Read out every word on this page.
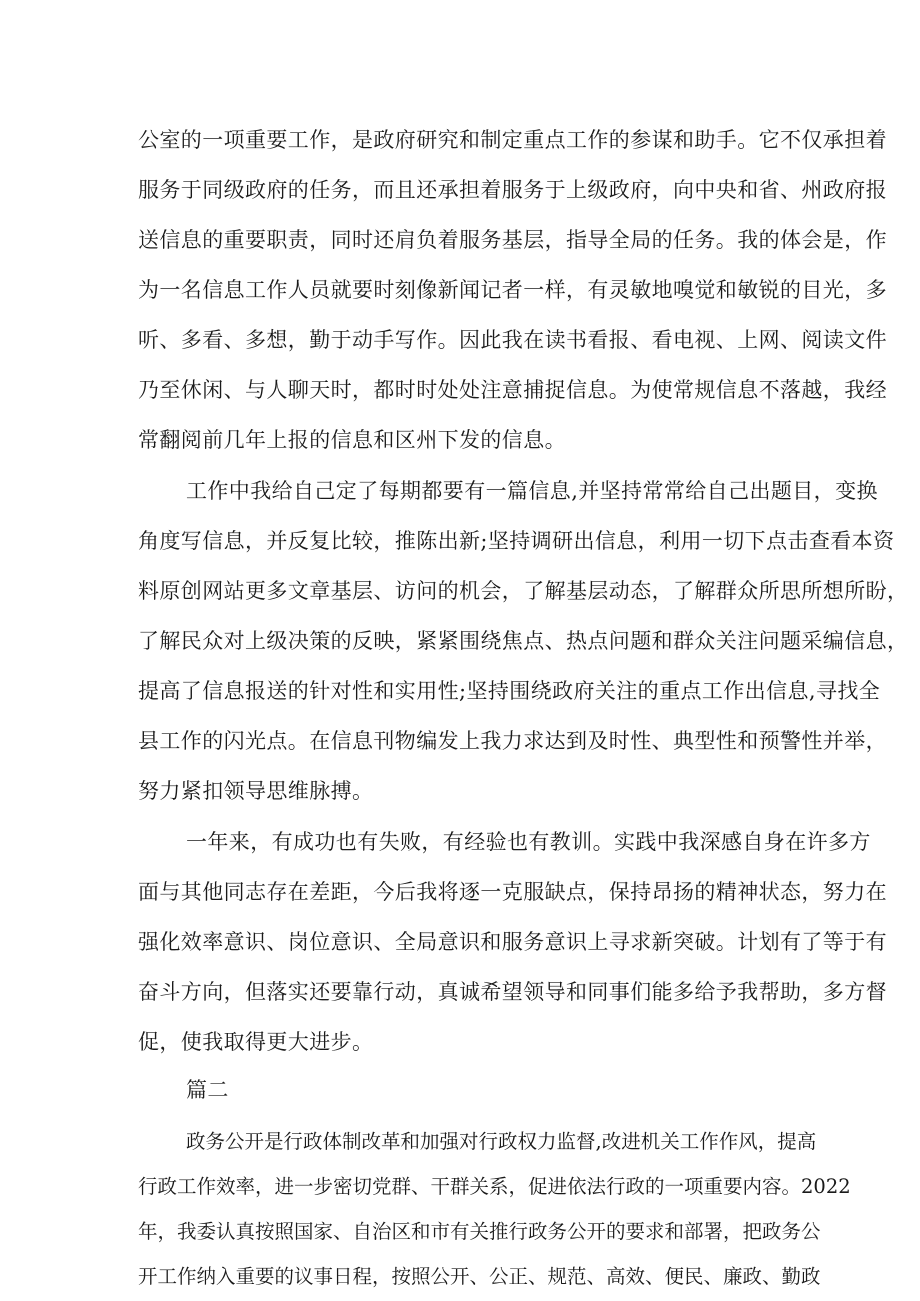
公室的一项重要工作，是政府研究和制定重点工作的参谋和助手。它不仅承担着
服务于同级政府的任务，而且还承担着服务于上级政府，向中央和省、州政府报
送信息的重要职责，同时还肩负着服务基层，指导全局的任务。我的体会是，作
为一名信息工作人员就要时刻像新闻记者一样，有灵敏地嗅觉和敏锐的目光，多
听、多看、多想，勤于动手写作。因此我在读书看报、看电视、上网、阅读文件
乃至休闲、与人聊天时，都时时处处注意捕捉信息。为使常规信息不落越，我经
常翻阅前几年上报的信息和区州下发的信息。
工作中我给自己定了每期都要有一篇信息,并坚持常常给自己出题目，变换
角度写信息，并反复比较，推陈出新;坚持调研出信息，利用一切下点击查看本资
料原创网站更多文章基层、访问的机会，了解基层动态，了解群众所思所想所盼，
了解民众对上级决策的反映，紧紧围绕焦点、热点问题和群众关注问题采编信息，
提高了信息报送的针对性和实用性;坚持围绕政府关注的重点工作出信息,寻找全
县工作的闪光点。在信息刊物编发上我力求达到及时性、典型性和预警性并举，
努力紧扣领导思维脉搏。
一年来，有成功也有失败，有经验也有教训。实践中我深感自身在许多方
面与其他同志存在差距，今后我将逐一克服缺点，保持昂扬的精神状态，努力在
强化效率意识、岗位意识、全局意识和服务意识上寻求新突破。计划有了等于有
奋斗方向，但落实还要靠行动，真诚希望领导和同事们能多给予我帮助，多方督
促，使我取得更大进步。
篇二
政务公开是行政体制改革和加强对行政权力监督,改进机关工作作风，提高
行政工作效率，进一步密切党群、干群关系，促进依法行政的一项重要内容。2022
年，我委认真按照国家、自治区和市有关推行政务公开的要求和部署，把政务公
开工作纳入重要的议事日程，按照公开、公正、规范、高效、便民、廉政、勤政
